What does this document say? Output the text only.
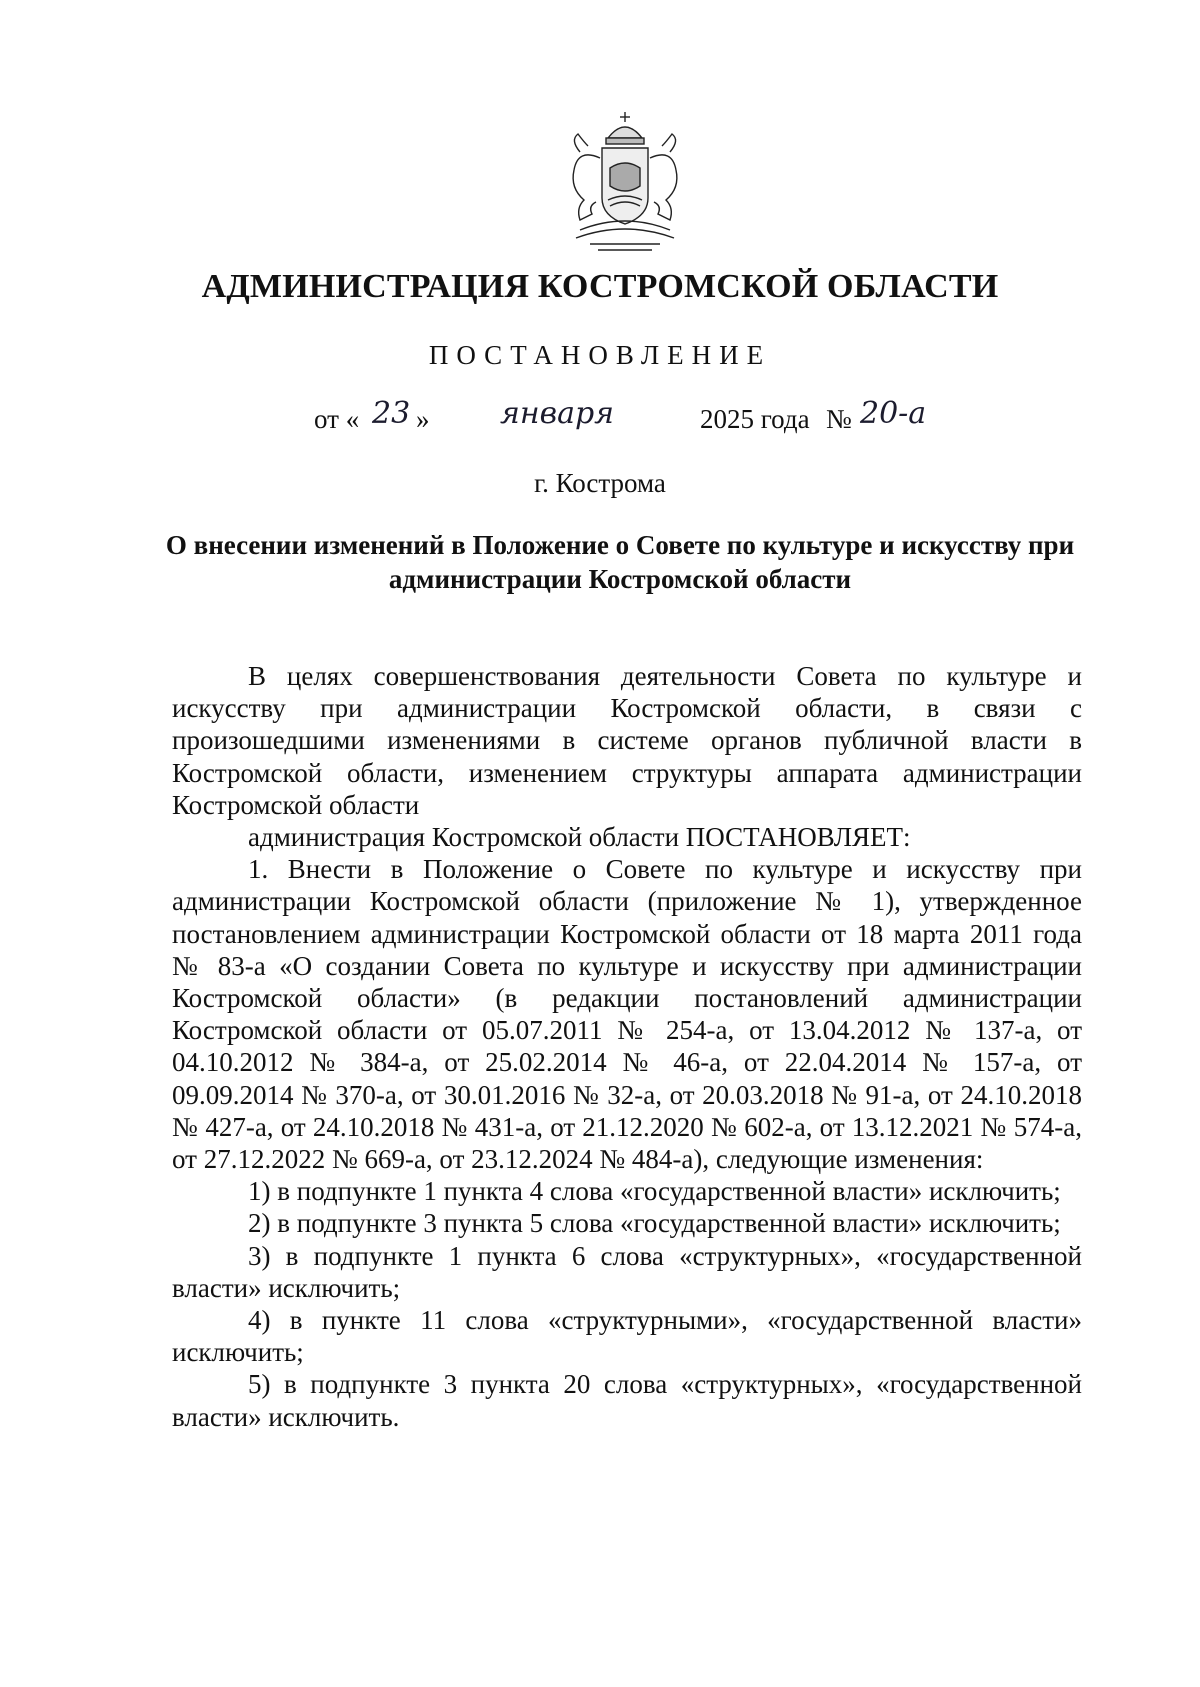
АДМИНИСТРАЦИЯ КОСТРОМСКОЙ ОБЛАСТИ
ПОСТАНОВЛЕНИЕ
от « 23 » января	2025 года № 20-а
г. Кострома
О внесении изменений в Положение о Совете по культуре и искусству при администрации Костромской области

В целях совершенствования деятельности Совета по культуре и искусству при администрации Костромской области, в связи с произошедшими изменениями в системе органов публичной власти в Костромской области, изменением структуры аппарата администрации Костромской области

администрация Костромской области ПОСТАНОВЛЯЕТ:

1. Внести в Положение о Совете по культуре и искусству при администрации Костромской области (приложение № 1), утвержденное постановлением администрации Костромской области от 18 марта 2011 года № 83-а «О создании Совета по культуре и искусству при администрации Костромской области» (в редакции постановлений администрации Костромской области от 05.07.2011 № 254-а, от 13.04.2012 № 137-а, от 04.10.2012 № 384-а, от 25.02.2014 № 46-а, от 22.04.2014 № 157-а, от 09.09.2014 № 370-а, от 30.01.2016 № 32-а, от 20.03.2018 № 91-а, от 24.10.2018 № 427-а, от 24.10.2018 № 431-а, от 21.12.2020 № 602-а, от 13.12.2021 № 574-а, от 27.12.2022 № 669-а, от 23.12.2024 № 484-а), следующие изменения:

1) в подпункте 1 пункта 4 слова «государственной власти» исключить;

2) в подпункте 3 пункта 5 слова «государственной власти» исключить;

3) в подпункте 1 пункта 6 слова «структурных», «государственной власти» исключить;

4) в пункте 11 слова «структурными», «государственной власти» исключить;

5) в подпункте 3 пункта 20 слова «структурных», «государственной власти» исключить.
